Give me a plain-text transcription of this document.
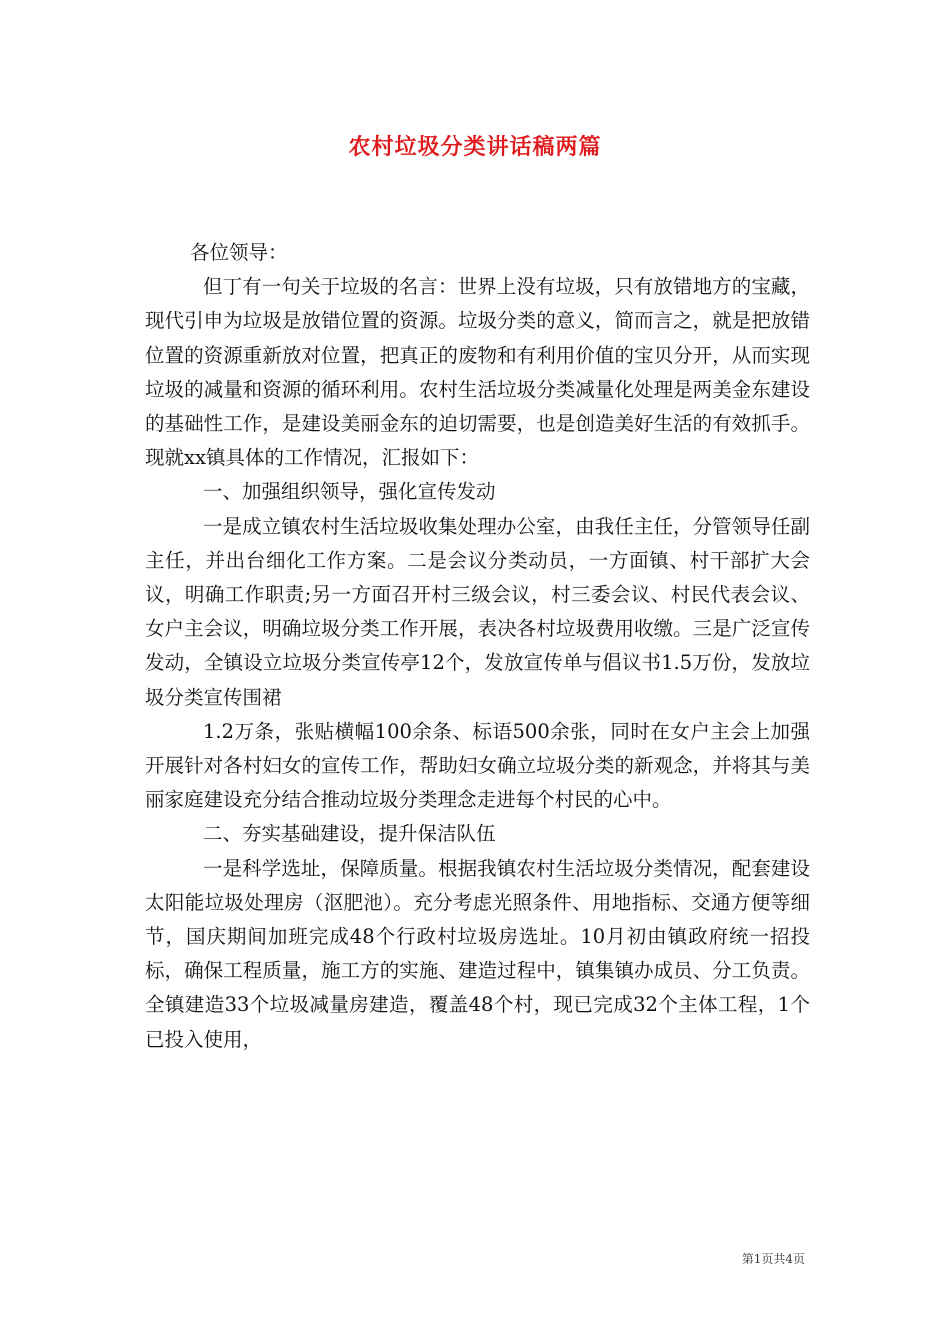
农村垃圾分类讲话稿两篇

各位领导：

但丁有一句关于垃圾的名言：世界上没有垃圾，只有放错地方的宝藏，现代引申为垃圾是放错位置的资源。垃圾分类的意义，简而言之，就是把放错位置的资源重新放对位置，把真正的废物和有利用价值的宝贝分开，从而实现垃圾的减量和资源的循环利用。农村生活垃圾分类减量化处理是两美金东建设的基础性工作，是建设美丽金东的迫切需要，也是创造美好生活的有效抓手。现就xx镇具体的工作情况，汇报如下：

一、加强组织领导，强化宣传发动

一是成立镇农村生活垃圾收集处理办公室，由我任主任，分管领导任副主任，并出台细化工作方案。二是会议分类动员，一方面镇、村干部扩大会议，明确工作职责;另一方面召开村三级会议，村三委会议、村民代表会议、女户主会议，明确垃圾分类工作开展，表决各村垃圾费用收缴。三是广泛宣传发动，全镇设立垃圾分类宣传亭12个，发放宣传单与倡议书1.5万份，发放垃圾分类宣传围裙

1.2万条，张贴横幅100余条、标语500余张，同时在女户主会上加强开展针对各村妇女的宣传工作，帮助妇女确立垃圾分类的新观念，并将其与美丽家庭建设充分结合推动垃圾分类理念走进每个村民的心中。

二、夯实基础建设，提升保洁队伍

一是科学选址，保障质量。根据我镇农村生活垃圾分类情况，配套建设太阳能垃圾处理房（沤肥池）。充分考虑光照条件、用地指标、交通方便等细节，国庆期间加班完成48个行政村垃圾房选址。10月初由镇政府统一招投标，确保工程质量，施工方的实施、建造过程中，镇集镇办成员、分工负责。全镇建造33个垃圾减量房建造，覆盖48个村，现已完成32个主体工程，1个已投入使用，

第1页共4页
